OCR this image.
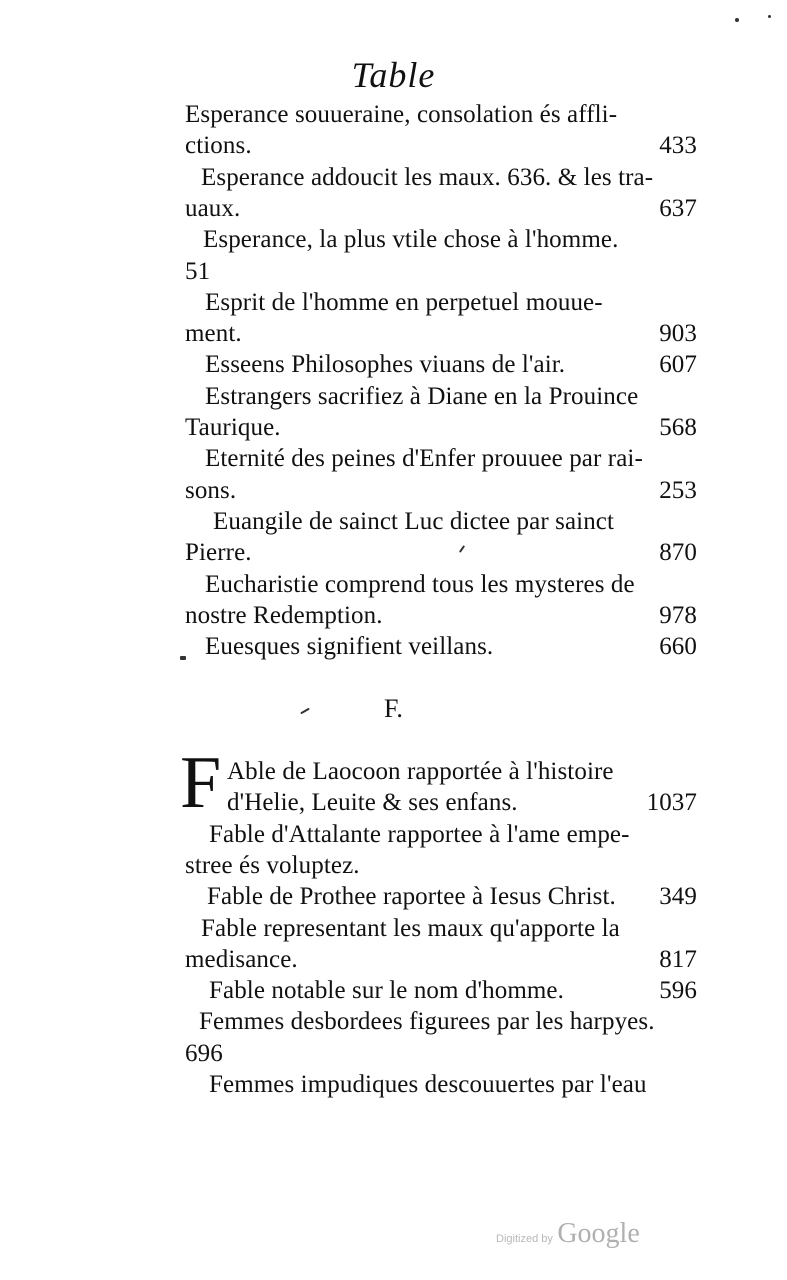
Table
Esperance souueraine, consolation és affli-
ctions.	433
Esperance addoucit les maux. 636. & les tra-
uaux.	637
Esperance, la plus vtile chose à l'homme.
51
Esprit de l'homme en perpetuel mouue-
ment.	903
Esseens Philosophes viuans de l'air.	607
Estrangers sacrifiez à Diane en la Prouince
Taurique.	568
Eternité des peines d'Enfer prouuee par rai-
sons.	253
Euangile de sainct Luc dictee par sainct
Pierre.	870
Eucharistie comprend tous les mysteres de
nostre Redemption.	978
Euesques signifient veillans.	660
F.
F Able de Laocoon rapportée à l'histoire
d'Helie, Leuite & ses enfans.	1037
Fable d'Attalante rapportee à l'ame empe-
stree és voluptez.
Fable de Prothee raportee à Iesus Christ. 349
Fable representant les maux qu'apporte la
medisance.	817
Fable notable sur le nom d'homme.	596
Femmes desbordees figurees par les harpyes.
696
Femmes impudiques descouuertes par l'eau
Digitized by Google
